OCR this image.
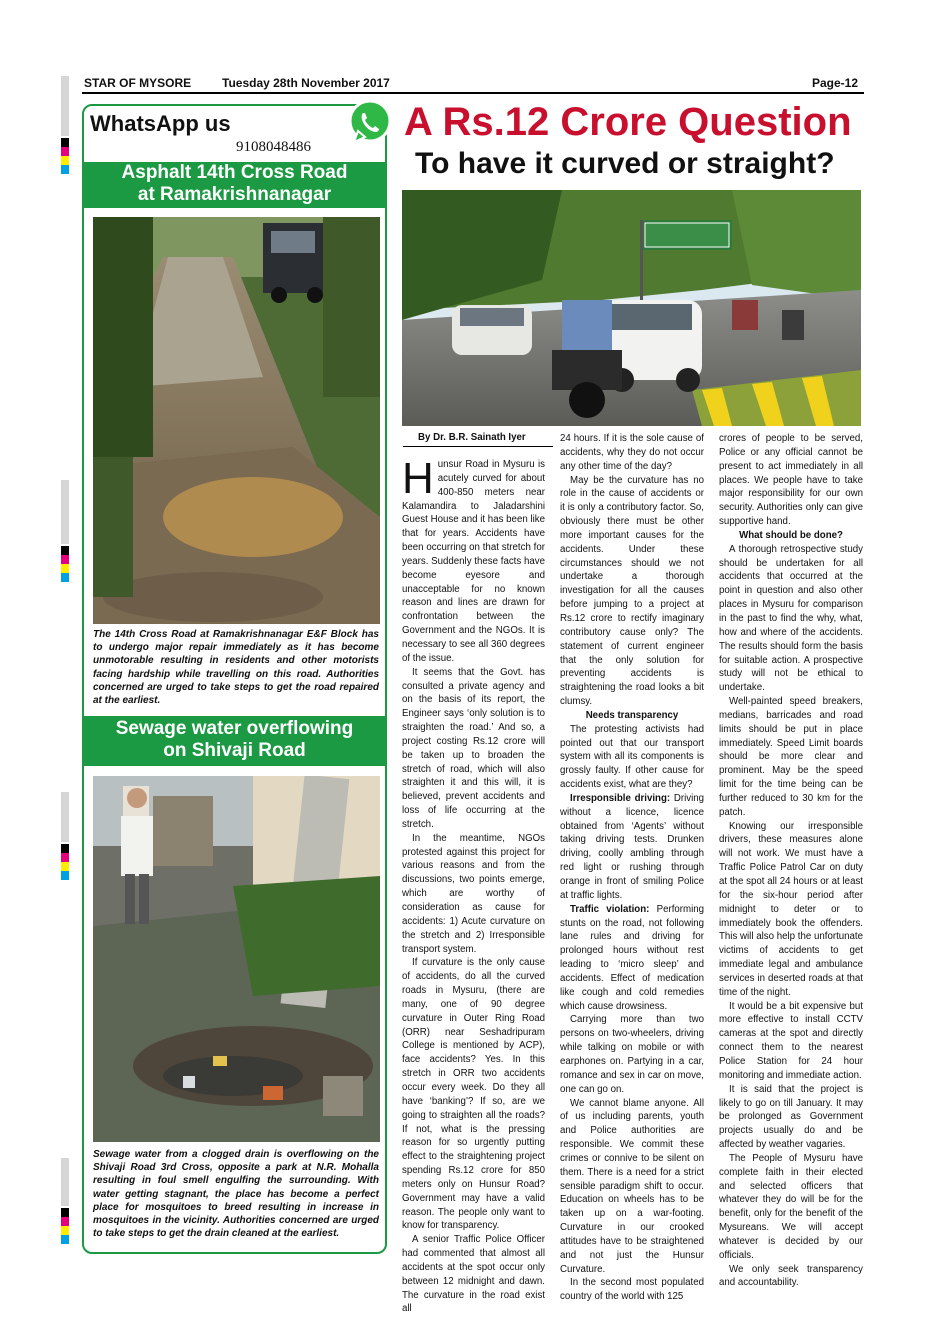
STAR OF MYSORE	Tuesday 28th November 2017	Page-12
WhatsApp us
9108048486
Asphalt 14th Cross Road
at Ramakrishnanagar
The 14th Cross Road at Ramakrishnanagar E&F Block has to undergo major repair immediately as it has become unmotorable resulting in residents and other motorists facing hardship while travelling on this road. Authorities concerned are urged to take steps to get the road repaired at the earliest.
Sewage water overflowing
on Shivaji Road
Sewage water from a clogged drain is overflowing on the Shivaji Road 3rd Cross, opposite a park at N.R. Mohalla resulting in foul smell engulfing the surrounding. With water getting stagnant, the place has become a perfect place for mosquitoes to breed resulting in increase in mosquitoes in the vicinity. Authorities concerned are urged to take steps to get the drain cleaned at the earliest.
A Rs.12 Crore Question
To have it curved or straight?
By Dr. B.R. Sainath Iyer

Hunsur Road in Mysuru is acutely curved for about 400-850 meters near Kalamandira to Jaladarshini Guest House and it has been like that for years. Accidents have been occurring on that stretch for years. Suddenly these facts have become eyesore and unacceptable for no known reason and lines are drawn for confrontation between the Government and the NGOs. It is necessary to see all 360 degrees of the issue.

It seems that the Govt. has consulted a private agency and on the basis of its report, the Engineer says ‘only solution is to straighten the road.’ And so, a project costing Rs.12 crore will be taken up to broaden the stretch of road, which will also straighten it and this will, it is believed, prevent accidents and loss of life occurring at the stretch.

In the meantime, NGOs protested against this project for various reasons and from the discussions, two points emerge, which are worthy of consideration as cause for accidents: 1) Acute curvature on the stretch and 2) Irresponsible transport system.

If curvature is the only cause of accidents, do all the curved roads in Mysuru, (there are many, one of 90 degree curvature in Outer Ring Road (ORR) near Seshadripuram College is mentioned by ACP), face accidents? Yes. In this stretch in ORR two accidents occur every week. Do they all have ‘banking’? If so, are we going to straighten all the roads? If not, what is the pressing reason for so urgently putting effect to the straightening project spending Rs.12 crore for 850 meters only on Hunsur Road? Government may have a valid reason. The people only want to know for transparency.

A senior Traffic Police Officer had commented that almost all accidents at the spot occur only between 12 midnight and dawn. The curvature in the road exist all

24 hours. If it is the sole cause of accidents, why they do not occur any other time of the day?

May be the curvature has no role in the cause of accidents or it is only a contributory factor. So, obviously there must be other more important causes for the accidents. Under these circumstances should we not undertake a thorough investigation for all the causes before jumping to a project at Rs.12 crore to rectify imaginary contributory cause only? The statement of current engineer that the only solution for preventing accidents is straightening the road looks a bit clumsy.

Needs transparency

The protesting activists had pointed out that our transport system with all its components is grossly faulty. If other cause for accidents exist, what are they?

Irresponsible driving: Driving without a licence, licence obtained from ‘Agents’ without taking driving tests. Drunken driving, coolly ambling through red light or rushing through orange in front of smiling Police at traffic lights.

Traffic violation: Performing stunts on the road, not following lane rules and driving for prolonged hours without rest leading to ‘micro sleep’ and accidents. Effect of medication like cough and cold remedies which cause drowsiness.

Carrying more than two persons on two-wheelers, driving while talking on mobile or with earphones on. Partying in a car, romance and sex in car on move, one can go on.

We cannot blame anyone. All of us including parents, youth and Police authorities are responsible. We commit these crimes or connive to be silent on them. There is a need for a strict sensible paradigm shift to occur. Education on wheels has to be taken up on a war-footing. Curvature in our crooked attitudes have to be straightened and not just the Hunsur Curvature.

In the second most populated country of the world with 125

crores of people to be served, Police or any official cannot be present to act immediately in all places. We people have to take major responsibility for our own security. Authorities only can give supportive hand.

What should be done?

A thorough retrospective study should be undertaken for all accidents that occurred at the point in question and also other places in Mysuru for comparison in the past to find the why, what, how and where of the accidents. The results should form the basis for suitable action. A prospective study will not be ethical to undertake.

Well-painted speed breakers, medians, barricades and road limits should be put in place immediately. Speed Limit boards should be more clear and prominent. May be the speed limit for the time being can be further reduced to 30 km for the patch.

Knowing our irresponsible drivers, these measures alone will not work. We must have a Traffic Police Patrol Car on duty at the spot all 24 hours or at least for the six-hour period after midnight to deter or to immediately book the offenders. This will also help the unfortunate victims of accidents to get immediate legal and ambulance services in deserted roads at that time of the night.

It would be a bit expensive but more effective to install CCTV cameras at the spot and directly connect them to the nearest Police Station for 24 hour monitoring and immediate action.

It is said that the project is likely to go on till January. It may be prolonged as Government projects usually do and be affected by weather vagaries.

The People of Mysuru have complete faith in their elected and selected officers that whatever they do will be for the benefit, only for the benefit of the Mysureans. We will accept whatever is decided by our officials.

We only seek transparency and accountability.
